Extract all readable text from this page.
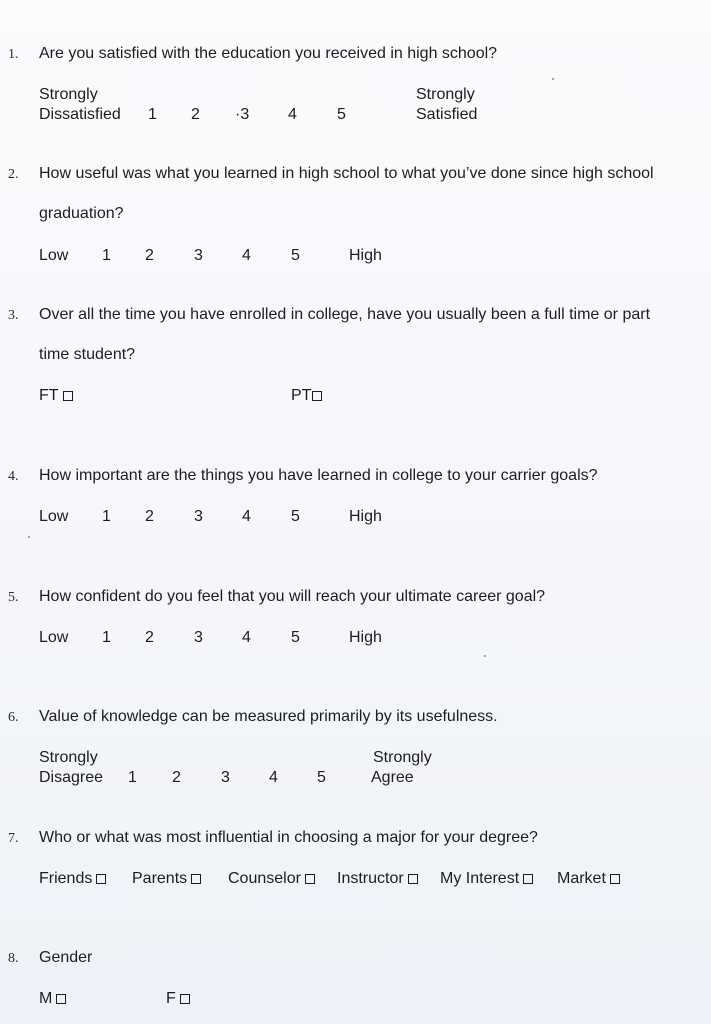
1. Are you satisfied with the education you received in high school?
Strongly
Dissatisfied 1 2 ·3 4	5
Strongly
Satisfied
2. How useful was what you learned in high school to what you’ve done since high school
graduation?
Low 1 2	3 4	5	High
3. Over all the time you have enrolled in college, have you usually been a full time or part
time student?
FT	PT
4. How important are the things you have learned in college to your carrier goals?
Low 1 2	3 4	5	High
5. How confident do you feel that you will reach your ultimate career goal?
Low 1 2	3 4	5	High
6. Value of knowledge can be measured primarily by its usefulness.
Strongly
Disagree 1 2	3 4 5
Strongly
Agree
7. Who or what was most influential in choosing a major for your degree?
Friends	Parents	Counselor	Instructor	My Interest	Market
8. Gender
M	F
